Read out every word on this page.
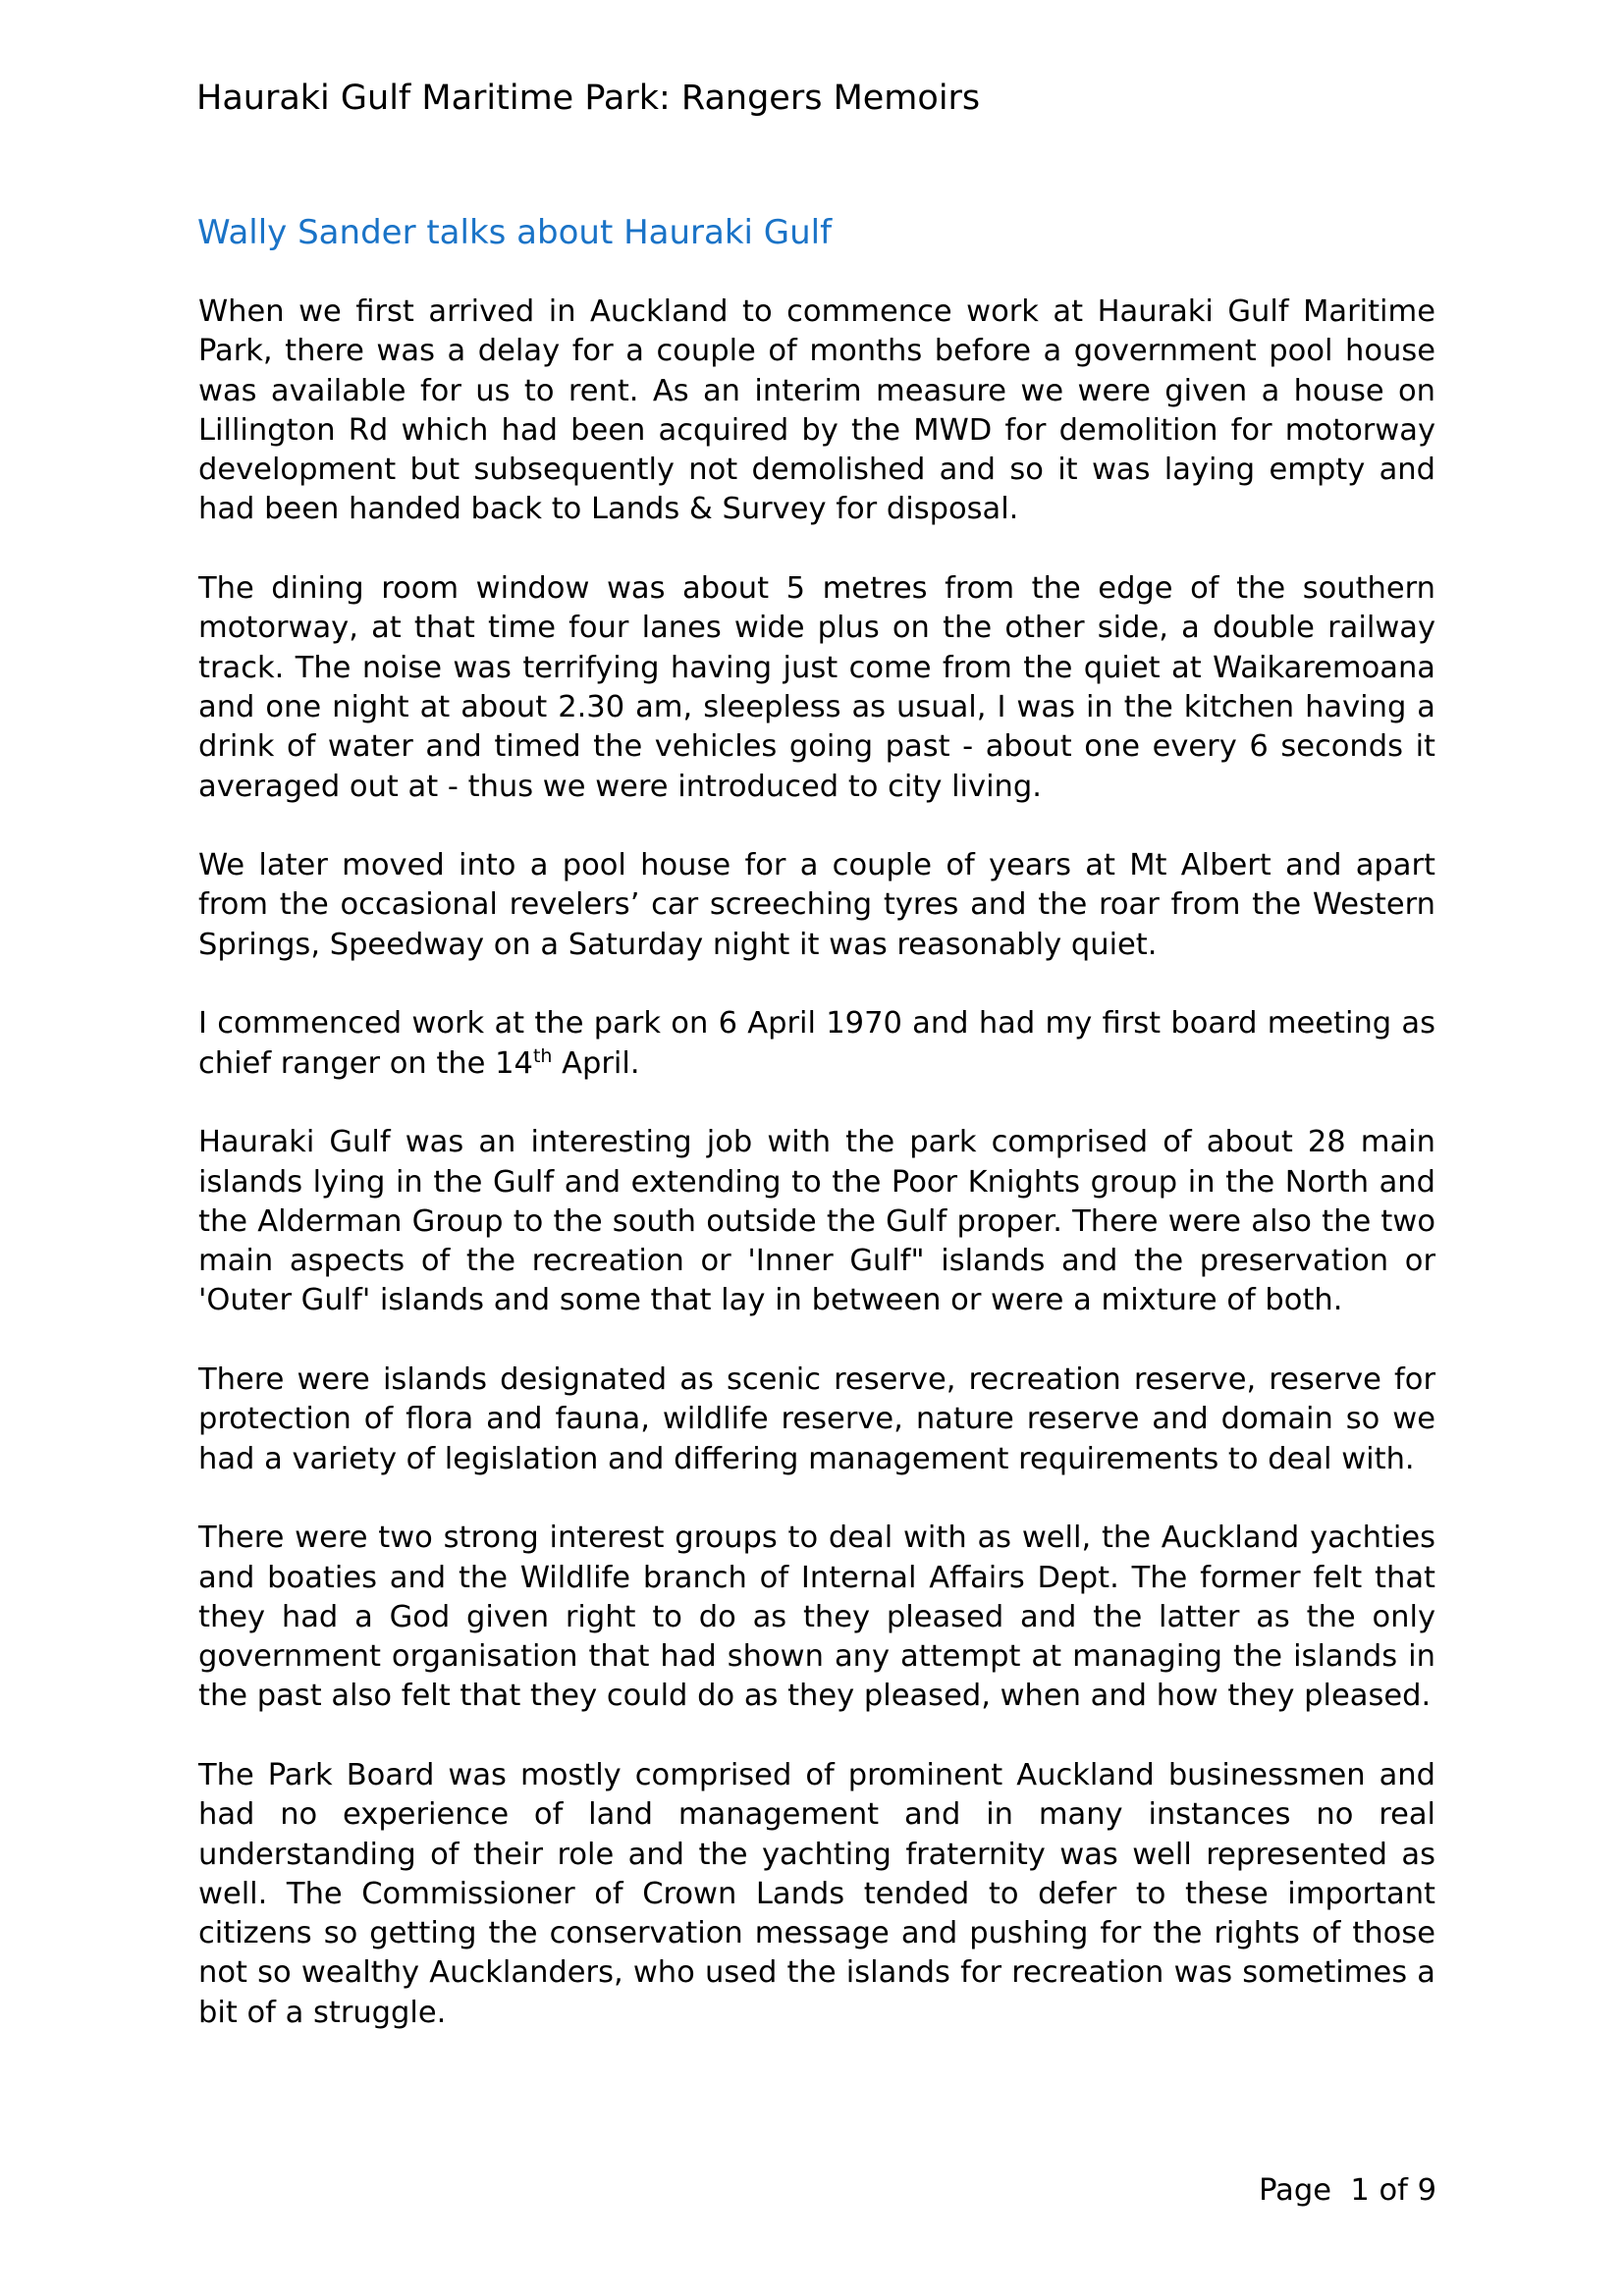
Hauraki Gulf Maritime Park: Rangers Memoirs
Wally Sander talks about Hauraki Gulf

When we first arrived in Auckland to commence work at Hauraki Gulf Maritime Park, there was a delay for a couple of months before a government pool house was available for us to rent. As an interim measure we were given a house on Lillington Rd which had been acquired by the MWD for demolition for motorway development but subsequently not demolished and so it was laying empty and had been handed back to Lands & Survey for disposal.

The dining room window was about 5 metres from the edge of the southern motorway, at that time four lanes wide plus on the other side, a double railway track. The noise was terrifying having just come from the quiet at Waikaremoana and one night at about 2.30 am, sleepless as usual, I was in the kitchen having a drink of water and timed the vehicles going past - about one every 6 seconds it averaged out at - thus we were introduced to city living.

We later moved into a pool house for a couple of years at Mt Albert and apart from the occasional revelers’ car screeching tyres and the roar from the Western Springs, Speedway on a Saturday night it was reasonably quiet.

I commenced work at the park on 6 April 1970 and had my first board meeting as chief ranger on the 14th April.

Hauraki Gulf was an interesting job with the park comprised of about 28 main islands lying in the Gulf and extending to the Poor Knights group in the North and the Alderman Group to the south outside the Gulf proper. There were also the two main aspects of the recreation or 'Inner Gulf" islands and the preservation or 'Outer Gulf' islands and some that lay in between or were a mixture of both.

There were islands designated as scenic reserve, recreation reserve, reserve for protection of flora and fauna, wildlife reserve, nature reserve and domain so we had a variety of legislation and differing management requirements to deal with.

There were two strong interest groups to deal with as well, the Auckland yachties and boaties and the Wildlife branch of Internal Affairs Dept. The former felt that they had a God given right to do as they pleased and the latter as the only government organisation that had shown any attempt at managing the islands in the past also felt that they could do as they pleased, when and how they pleased.

The Park Board was mostly comprised of prominent Auckland businessmen and had no experience of land management and in many instances no real understanding of their role and the yachting fraternity was well represented as well. The Commissioner of Crown Lands tended to defer to these important citizens so getting the conservation message and pushing for the rights of those not so wealthy Aucklanders, who used the islands for recreation was sometimes a bit of a struggle.

Page 1 of 9
